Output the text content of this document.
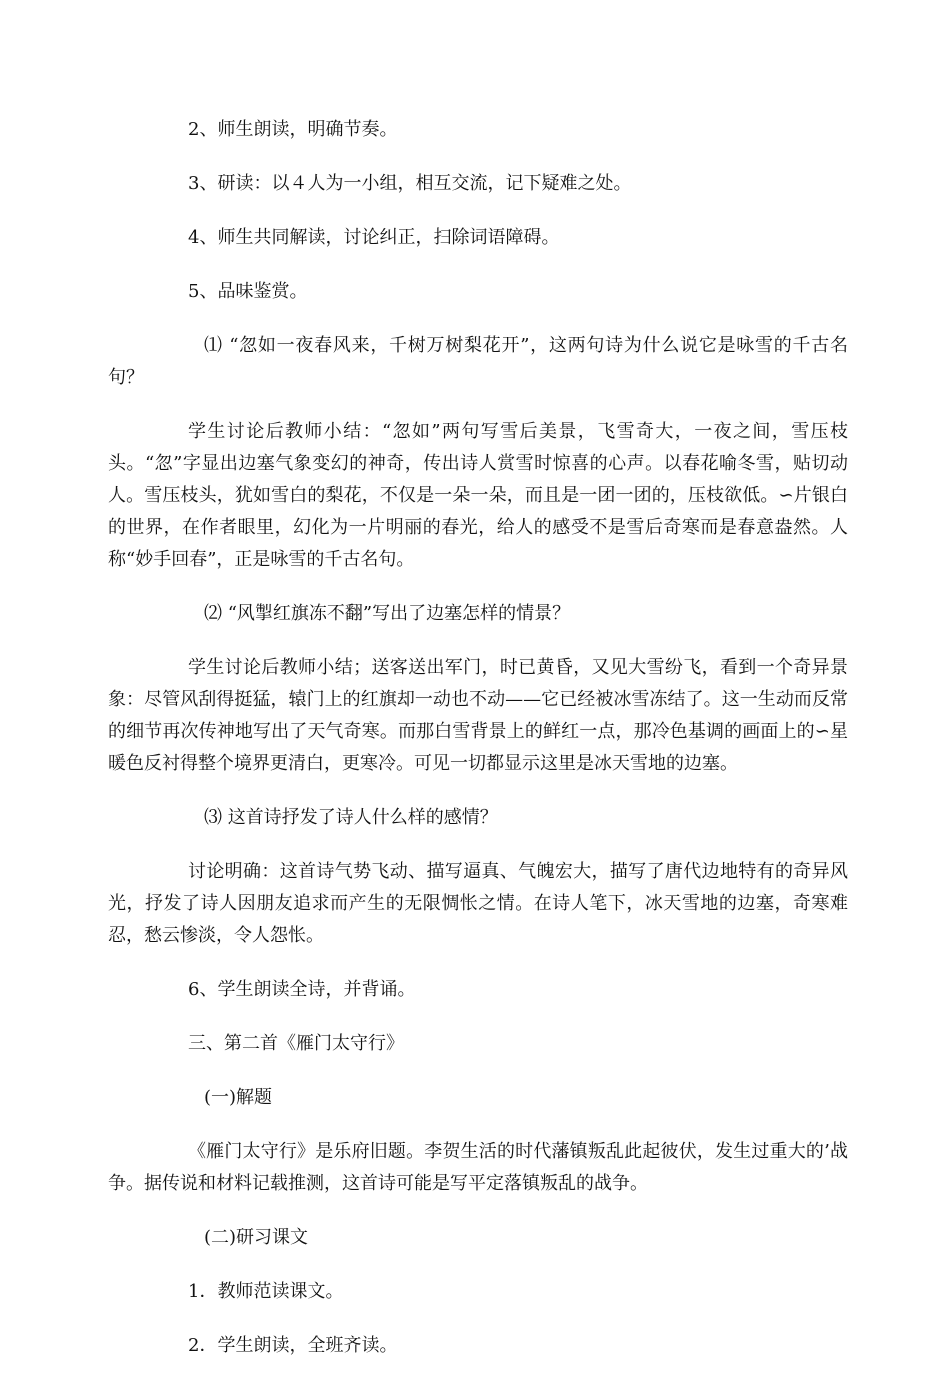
2、师生朗读，明确节奏。

3、研读：以４人为一小组，相互交流，记下疑难之处。

4、师生共同解读，讨论纠正，扫除词语障碍。

5、品味鉴赏。

⑴ “忽如一夜春风来，千树万树梨花开”，这两句诗为什么说它是咏雪的千古名句？

学生讨论后教师小结：“忽如”两句写雪后美景，飞雪奇大，一夜之间，雪压枝头。“忽”字显出边塞气象变幻的神奇，传出诗人赏雪时惊喜的心声。以春花喻冬雪，贴切动人。雪压枝头，犹如雪白的梨花，不仅是一朵一朵，而且是一团一团的，压枝欲低。∽片银白的世界，在作者眼里，幻化为一片明丽的春光，给人的感受不是雪后奇寒而是春意盎然。人称“妙手回春”，正是咏雪的千古名句。

⑵ “风掣红旗冻不翻”写出了边塞怎样的情景？

学生讨论后教师小结；送客送出军门，时已黄昏，又见大雪纷飞，看到一个奇异景象：尽管风刮得挺猛，辕门上的红旗却一动也不动——它已经被冰雪冻结了。这一生动而反常的细节再次传神地写出了天气奇寒。而那白雪背景上的鲜红一点，那冷色基调的画面上的∽星暖色反衬得整个境界更清白，更寒冷。可见一切都显示这里是冰天雪地的边塞。

⑶ 这首诗抒发了诗人什么样的感情？

讨论明确：这首诗气势飞动、描写逼真、气魄宏大，描写了唐代边地特有的奇异风光，抒发了诗人因朋友追求而产生的无限惆怅之情。在诗人笔下，冰天雪地的边塞，奇寒难忍，愁云惨淡，令人怨怅。

6、学生朗读全诗，并背诵。

三、第二首《雁门太守行》

(一)解题

《雁门太守行》是乐府旧题。李贺生活的时代藩镇叛乱此起彼伏，发生过重大的’战争。据传说和材料记载推测，这首诗可能是写平定落镇叛乱的战争。

(二)研习课文

1．教师范读课文。

2．学生朗读，全班齐读。
